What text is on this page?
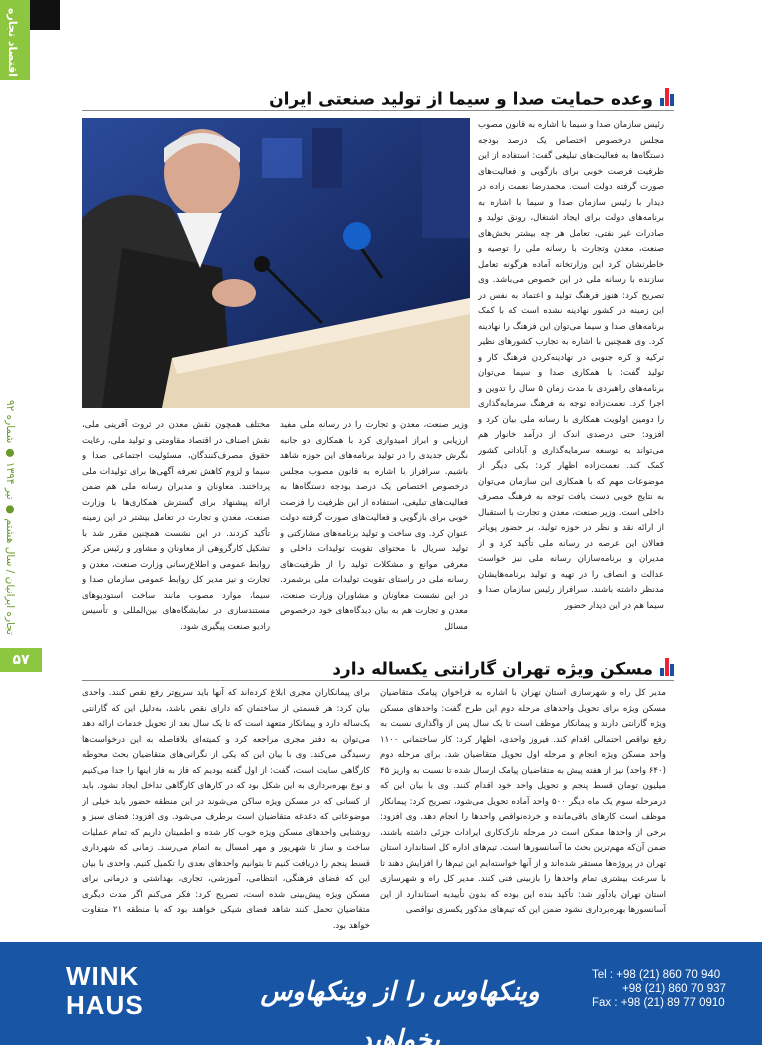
اقتصاد تجاره
تجاره ایرانیان / سال هشتم ● تیر ۱۳۹۴ ● شماره ۹۲
۵۷
وعده حمایت صدا و سیما از تولید صنعتی ایران
رئیس سازمان صدا و سیما با اشاره به قانون مصوب مجلس درخصوص اختصاص یک درصد بودجه دستگاه‌ها به فعالیت‌های تبلیغی گفت: استفاده از این ظرفیت فرصت خوبی برای بازگویی و فعالیت‌های صورت گرفته دولت است. محمدرضا نعمت زاده در دیدار با رئیس سازمان صدا و سیما با اشاره به برنامه‌های دولت برای ایجاد اشتغال، رونق تولید و صادرات غیر نفتی، تعامل هر چه بیشتر بخش‌های صنعت، معدن وتجارت با رسانه ملی را توصیه و خاطرنشان کرد این وزارتخانه آماده هرگونه تعامل سازنده با رسانه ملی در این خصوص می‌باشد. وی تصریح کرد: هنوز فرهنگ تولید و اعتماد به نفس در این زمینه در کشور نهادینه نشده است که با کمک برنامه‌های صدا و سیما می‌توان این فرهنگ را نهادینه کرد. وی همچنین با اشاره به تجارب کشورهای نظیر ترکیه و کره جنوبی در نهادینه‌کردن فرهنگ کار و تولید گفت: با همکاری صدا و سیما می‌توان برنامه‌های راهبردی با مدت زمان ۵ سال را تدوین و اجرا کرد. نعمت‌زاده توجه به فرهنگ سرمایه‌گذاری را دومین اولویت همکاری با رسانه ملی بیان کرد و افزود: حتی درصدی اندک از درآمد خانوار هم می‌تواند به توسعه سرمایه‌گذاری و آبادانی کشور کمک کند. نعمت‌زاده اظهار کرد: یکی دیگر از موضوعات مهم که با همکاری این سازمان می‌توان به نتایج خوبی دست یافت توجه به فرهنگ مصرف داخلی است. وزیر صنعت، معدن و تجارت با استقبال از ارائه نقد و نظر در حوزه تولید، بر حضور پویاتر فعالان این عرصه در رسانه ملی تأکید کرد و از مدیران و برنامه‌سازان رسانه ملی نیز خواست عدالت و انصاف را در تهیه و تولید برنامه‌هایشان مدنظر داشته باشند. سرافراز رئیس سازمان صدا و سیما هم در این دیدار حضور
وزیر صنعت، معدن و تجارت را در رسانه ملی مفید ارزیابی و ابراز امیدواری کرد با همکاری دو جانبه نگرش جدیدی را در تولید برنامه‌های این حوزه شاهد باشیم. سرافراز با اشاره به قانون مصوب مجلس درخصوص اختصاص یک درصد بودجه دستگاه‌ها به فعالیت‌های تبلیغی، استفاده از این ظرفیت را فرصت خوبی برای بازگویی و فعالیت‌های صورت گرفته دولت عنوان کرد. وی ساخت و تولید برنامه‌های مشارکتی و تولید سریال با محتوای تقویت تولیدات داخلی و معرفی موانع و مشکلات تولید را از ظرفیت‌های رسانه ملی در راستای تقویت تولیدات ملی برشمرد. در این نشست معاونان و مشاوران وزارت صنعت، معدن و تجارت هم به بیان دیدگاه‌های خود درخصوص مسائل
مختلف همچون نقش معدن در ثروت آفرینی ملی، نقش اصناف در اقتصاد مقاومتی و تولید ملی، رعایت حقوق مصرف‌کنندگان، مسئولیت اجتماعی صدا و سیما و لزوم کاهش تعرفه آگهی‌ها برای تولیدات ملی پرداختند. معاونان و مدیران رسانه ملی هم ضمن ارائه پیشنهاد برای گسترش همکاری‌ها با وزارت صنعت، معدن و تجارت در تعامل بیشتر در این زمینه تأکید کردند. در این نشست همچنین مقرر شد با تشکیل کارگروهی از معاونان و مشاور و رئیس مرکز روابط عمومی و اطلاع‌رسانی وزارت صنعت، معدن و تجارت و نیز مدیر کل روابط عمومی سازمان صدا و سیما، موارد مصوب مانند ساخت استودیوهای مستندسازی در نمایشگاه‌های بین‌المللی و تأسیس رادیو صنعت پیگیری شود.
مسکن ویژه تهران گارانتی یکساله دارد
مدیر کل راه و شهرسازی استان تهران با اشاره به فراخوان پیامک متقاضیان مسکن ویژه برای تحویل واحدهای مرحله دوم این طرح گفت: واحدهای مسکن ویژه گارانتی دارند و پیمانکار موظف است تا یک سال پس از واگذاری نسبت به رفع نواقص احتمالی اقدام کند. فیروز واحدی، اظهار کرد: کار ساختمانی ۱۱۰۰ واحد مسکن ویژه انجام و مرحله اول تحویل متقاضیان شد. برای مرحله دوم (۶۴۰ واحد) نیز از هفته پیش به متقاضیان پیامک ارسال شده تا نسبت به واریز ۴۵ میلیون تومان قسط پنجم و تحویل واحد خود اقدام کنند. وی با بیان این که درمرحله سوم یک ماه دیگر ۵۰۰ واحد آماده تحویل می‌شود، تصریح کرد: پیمانکار موظف است کارهای باقی‌مانده و خرده‌نواقص واحدها را انجام دهد. وی افزود: برخی از واحدها ممکن است در مرحله نازک‌کاری ایرادات جزئی داشته باشند، ضمن آن‌که مهم‌ترین بحث ما آسانسورها است. تیم‌های اداره کل استاندارد استان تهران در پروژه‌ها مستقر شده‌اند و از آنها خواسته‌ایم این تیم‌ها را افزایش دهند تا با سرعت بیشتری تمام واحدها را بازبینی فنی کنند. مدیر کل راه و شهرسازی استان تهران یادآور شد: تأکید بنده این بوده که بدون تأییدیه استاندارد از این آسانسورها بهره‌برداری نشود ضمن این که تیم‌های مذکور یکسری نواقصی
برای پیمانکاران مجری ابلاغ کرده‌اند که آنها باید سریع‌تر رفع نقص کنند. واحدی بیان کرد: هر قسمتی از ساختمان که دارای نقص باشد، به‌دلیل این که گارانتی یک‌ساله دارد و پیمانکار متعهد است که تا یک سال بعد از تحویل خدمات ارائه دهد می‌توان به دفتر مجری مراجعه کرد و کمیته‌ای بلافاصله به این درخواست‌ها رسیدگی می‌کند. وی با بیان این که یکی از نگرانی‌های متقاضیان بحث محوطه کارگاهی سایت است، گفت: از اول گفته بودیم که فاز به فاز اینها را جدا می‌کنیم و نوع بهره‌برداری به این شکل بود که در کارهای کارگاهی تداخل ایجاد نشود. باید از کسانی که در مسکن ویژه ساکن می‌شوند در این منطقه حضور یابد خیلی از موضوعاتی که دغدغه متقاضیان است برطرف می‌شود. وی افزود: فضای سبز و روشنایی واحدهای مسکن ویژه خوب کار شده و اطمینان داریم که تمام عملیات ساخت و ساز تا شهریور و مهر امسال به اتمام می‌رسد. زمانی که شهرداری قسط پنجم را دریافت کنیم تا بتوانیم واحدهای بعدی را تکمیل کنیم. واحدی با بیان این که فضای فرهنگی، انتظامی، آموزشی، تجاری، بهداشتی و درمانی برای مسکن ویژه پیش‌بینی شده است، تصریح کرد: فکر می‌کنم اگر مدت دیگری متقاضیان تحمل کنند شاهد فضای شیکی خواهند بود که با منطقه ۲۱ متفاوت خواهد بود.
WINK
HAUS	وینکهاوس را از وینکهاوس بخواهید
Tel : +98 (21) 860 70 940
+98 (21) 860 70 937
Fax : +98 (21) 89 77 0910
